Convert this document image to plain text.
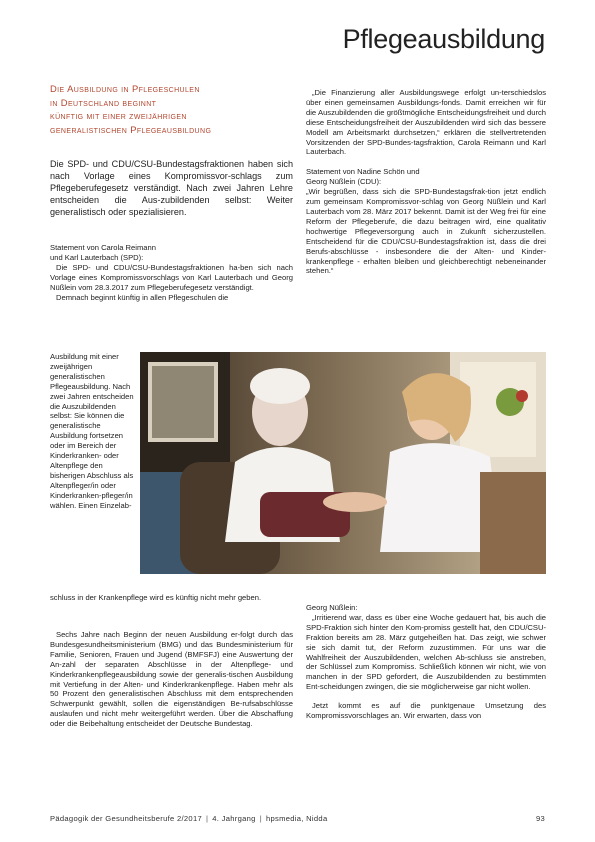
Pflegeausbildung
Die Ausbildung in Pflegeschulen
in Deutschland beginnt
künftig mit einer zweijährigen
generalistischen Pflegeausbildung

Die SPD- und CDU/CSU-Bundestagsfraktionen haben sich nach Vorlage eines Kompromissvor-schlags zum Pflegeberufegesetz verständigt. Nach zwei Jahren Lehre entscheiden die Aus-zubildenden selbst: Weiter generalistisch oder spezialisieren.

Statement von Carola Reimann
und Karl Lauterbach (SPD):

Die SPD- und CDU/CSU-Bundestagsfraktionen ha-ben sich nach Vorlage eines Kompromissvorschlags von Karl Lauterbach und Georg Nüßlein vom 28.3.2017 zum Pflegeberufegesetz verständigt.

Demnach beginnt künftig in allen Pflegeschulen die

Ausbildung mit einer zweijährigen generalistischen Pflegeausbildung. Nach zwei Jahren entscheiden die Auszubildenden selbst: Sie können die generalistische Ausbildung fortsetzen oder im Bereich der Kinderkranken- oder Altenpflege den bisherigen Abschluss als Altenpfleger/in oder Kinderkranken-pfleger/in wählen. Einen Einzelab-

schluss in der Krankenpflege wird es künftig nicht mehr geben.

Sechs Jahre nach Beginn der neuen Ausbildung er-folgt durch das Bundesgesundheitsministerium (BMG) und das Bundesministerium für Familie, Senioren, Frauen und Jugend (BMFSFJ) eine Auswertung der An-zahl der separaten Abschlüsse in der Altenpflege- und Kinderkrankenpflegeausbildung sowie der generalis-tischen Ausbildung mit Vertiefung in der Alten- und Kinderkrankenpflege. Haben mehr als 50 Prozent den generalistischen Abschluss mit dem entsprechenden Schwerpunkt gewählt, sollen die eigenständigen Be-rufsabschlüsse auslaufen und nicht mehr weitergeführt werden. Über die Abschaffung oder die Beibehaltung entscheidet der Deutsche Bundestag.

„Die Finanzierung aller Ausbildungswege erfolgt un-terschiedslos über einen gemeinsamen Ausbildungs-fonds. Damit erreichen wir für die Auszubildenden die größtmögliche Entscheidungsfreiheit und durch diese Entscheidungsfreiheit der Auszubildenden wird sich das bessere Modell am Arbeitsmarkt durchsetzen,“ erklären die stellvertretenden Vorsitzenden der SPD-Bundes-tagsfraktion, Carola Reimann und Karl Lauterbach.

Statement von Nadine Schön und
Georg Nüßlein (CDU):

„Wir begrüßen, dass sich die SPD-Bundestagsfrak-tion jetzt endlich zum gemeinsam Kompromissvor-schlag von Georg Nüßlein und Karl Lauterbach vom 28. März 2017 bekennt. Damit ist der Weg frei für eine Reform der Pflegeberufe, die dazu beitragen wird, eine qualitativ hochwertige Pflegeversorgung auch in Zukunft sicherzustellen. Entscheidend für die CDU/CSU-Bundestagsfraktion ist, dass die drei Berufs-abschlüsse - insbesondere die der Alten- und Kinder-krankenpflege - erhalten bleiben und gleichberechtigt nebeneinander stehen.“

Georg Nüßlein:

„Irritierend war, dass es über eine Woche gedauert hat, bis auch die SPD-Fraktion sich hinter den Kom-promiss gestellt hat, den CDU/CSU-Fraktion bereits am 28. März gutgeheißen hat. Das zeigt, wie schwer sie sich damit tut, der Reform zuzustimmen. Für uns war die Wahlfreiheit der Auszubildenden, welchen Ab-schluss sie anstreben, der Schlüssel zum Kompromiss. Schließlich können wir nicht, wie von manchen in der SPD gefordert, die Auszubildenden zu bestimmten Ent-scheidungen zwingen, die sie möglicherweise gar nicht wollen.

Jetzt kommt es auf die punktgenaue Umsetzung des Kompromissvorschlages an. Wir erwarten, dass von

Pädagogik der Gesundheitsberufe 2/2017 | 4. Jahrgang | hpsmedia, Nidda	93
